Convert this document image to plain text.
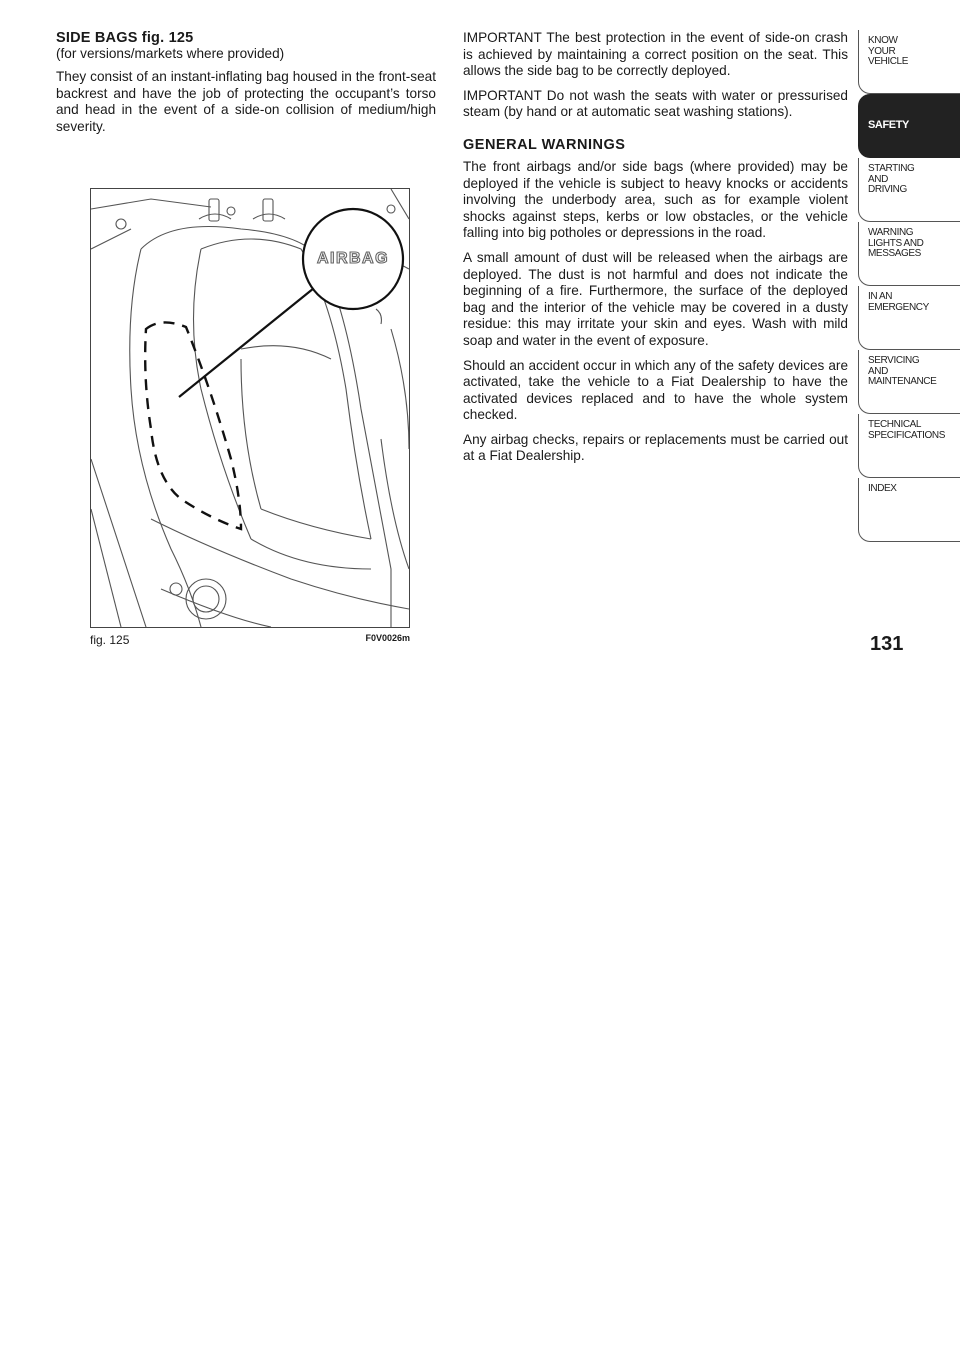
SIDE BAGS fig. 125
(for versions/markets where provided)

They consist of an instant-inflating bag housed in the front-seat backrest and have the job of protecting the occupant’s torso and head in the event of a side-on collision of medium/high severity.

AIRBAG
fig. 125	F0V0026m

IMPORTANT The best protection in the event of side-on crash is achieved by maintaining a correct position on the seat. This allows the side bag to be correctly deployed.

IMPORTANT Do not wash the seats with water or pressurised steam (by hand or at automatic seat washing stations).

GENERAL WARNINGS

The front airbags and/or side bags (where provided) may be deployed if the vehicle is subject to heavy knocks or accidents involving the underbody area, such as for example violent shocks against steps, kerbs or low obstacles, or the vehicle falling into big potholes or depressions in the road.

A small amount of dust will be released when the airbags are deployed. The dust is not harmful and does not indicate the beginning of a fire. Furthermore, the surface of the deployed bag and the interior of the vehicle may be covered in a dusty residue: this may irritate your skin and eyes. Wash with mild soap and water in the event of exposure.

Should an accident occur in which any of the safety devices are activated, take the vehicle to a Fiat Dealership to have the activated devices replaced and to have the whole system checked.

Any airbag checks, repairs or replacements must be carried out at a Fiat Dealership.

KNOW
YOUR
VEHICLE
SAFETY
STARTING
AND
DRIVING
WARNING
LIGHTS AND
MESSAGES
IN AN
EMERGENCY
SERVICING
AND
MAINTENANCE
TECHNICAL
SPECIFICATIONS
INDEX
131
